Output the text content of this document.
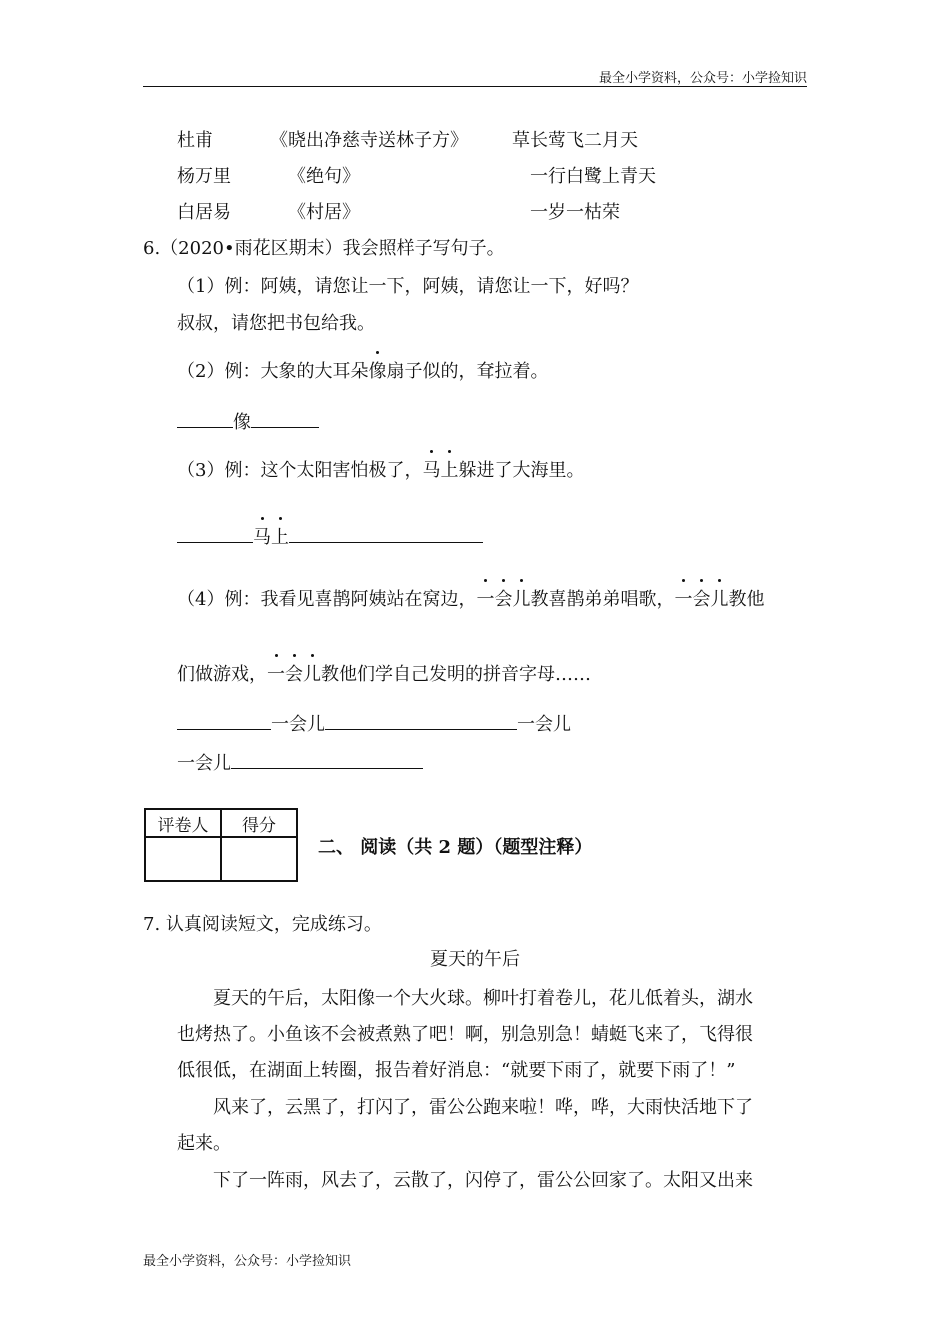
最全小学资料，公众号：小学捡知识
杜甫	《晓出净慈寺送林子方》 草长莺飞二月天
杨万里	《绝句》	一行白鹭上青天
白居易	《村居》	一岁一枯荣
6.（2020•雨花区期末）我会照样子写句子。
（1）例：阿姨，请您让一下，阿姨，请您让一下，好吗？
叔叔，请您把书包给我。
（2）例：大象的大耳朵像扇子似的，耷拉着。
像
（3）例：这个太阳害怕极了，马上躲进了大海里。
马上
（4）例：我看见喜鹊阿姨站在窝边，一会儿教喜鹊弟弟唱歌，一会儿教他
们做游戏，一会儿教他们学自己发明的拼音字母……
一会儿	一会儿
一会儿
评卷人	得分

二、 阅读（共 2 题）（题型注释）
7. 认真阅读短文，完成练习。
夏天的午后
夏天的午后，太阳像一个大火球。柳叶打着卷儿，花儿低着头，湖水
也烤热了。小鱼该不会被煮熟了吧！啊，别急别急！蜻蜓飞来了，飞得很
低很低，在湖面上转圈，报告着好消息：“就要下雨了，就要下雨了！”
风来了，云黑了，打闪了，雷公公跑来啦！哗，哗，大雨快活地下了
起来。
下了一阵雨，风去了，云散了，闪停了，雷公公回家了。太阳又出来
最全小学资料，公众号：小学捡知识
